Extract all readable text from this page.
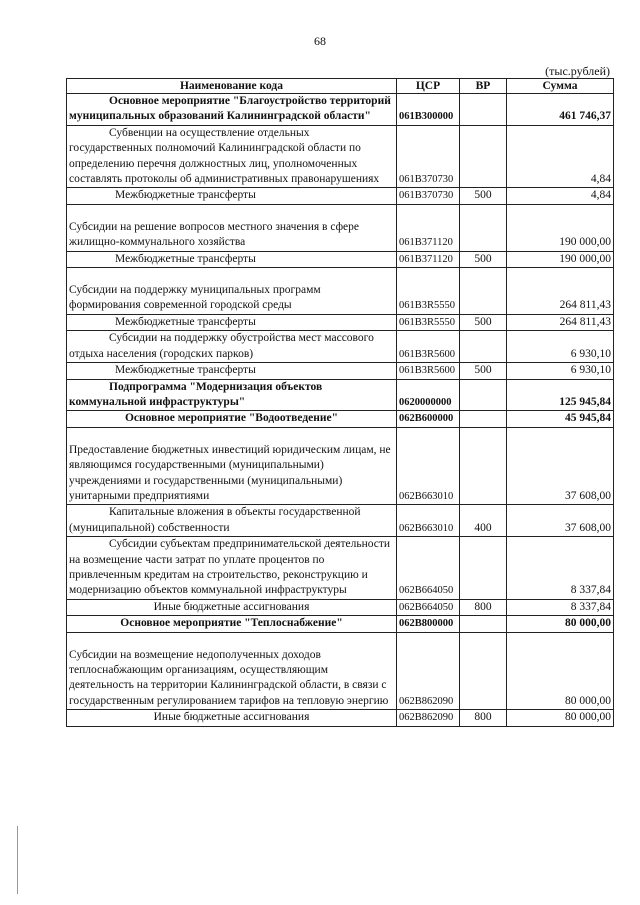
68
(тыс.рублей)
Наименование кода	ЦСР	ВР	Сумма
Основное мероприятие "Благоустройство территорий муниципальных образований Калининградской области"	061B300000		461 746,37
Субвенции на осуществление отдельных государственных полномочий Калининградской области по определению перечня должностных лиц, уполномоченных составлять протоколы об административных правонарушениях	061B370730		4,84
Межбюджетные трансферты	061B370730	500	4,84

Субсидии на решение вопросов местного значения в сфере жилищно-коммунального хозяйства	061B371120		190 000,00
Межбюджетные трансферты	061B371120	500	190 000,00

Субсидии на поддержку муниципальных программ формирования современной городской среды	061B3R5550		264 811,43
Межбюджетные трансферты	061B3R5550	500	264 811,43
Субсидии на поддержку обустройства мест массового отдыха населения (городских парков)	061B3R5600		6 930,10
Межбюджетные трансферты	061B3R5600	500	6 930,10
Подпрограмма "Модернизация объектов коммунальной инфраструктуры"	0620000000		125 945,84
Основное мероприятие "Водоотведение"	062B600000		45 945,84

Предоставление бюджетных инвестиций юридическим лицам, не являющимся государственными (муниципальными) учреждениями и государственными (муниципальными) унитарными предприятиями	062B663010		37 608,00
Капитальные вложения в объекты государственной (муниципальной) собственности	062B663010	400	37 608,00
Субсидии субъектам предпринимательской деятельности на возмещение части затрат по уплате процентов по привлеченным кредитам на строительство, реконструкцию и модернизацию объектов коммунальной инфраструктуры	062B664050		8 337,84
Иные бюджетные ассигнования	062B664050	800	8 337,84
Основное мероприятие "Теплоснабжение"	062B800000		80 000,00

Субсидии на возмещение недополученных доходов теплоснабжающим организациям, осуществляющим деятельность на территории Калининградской области, в связи с государственным регулированием тарифов на тепловую энергию	062B862090		80 000,00
Иные бюджетные ассигнования	062B862090	800	80 000,00
